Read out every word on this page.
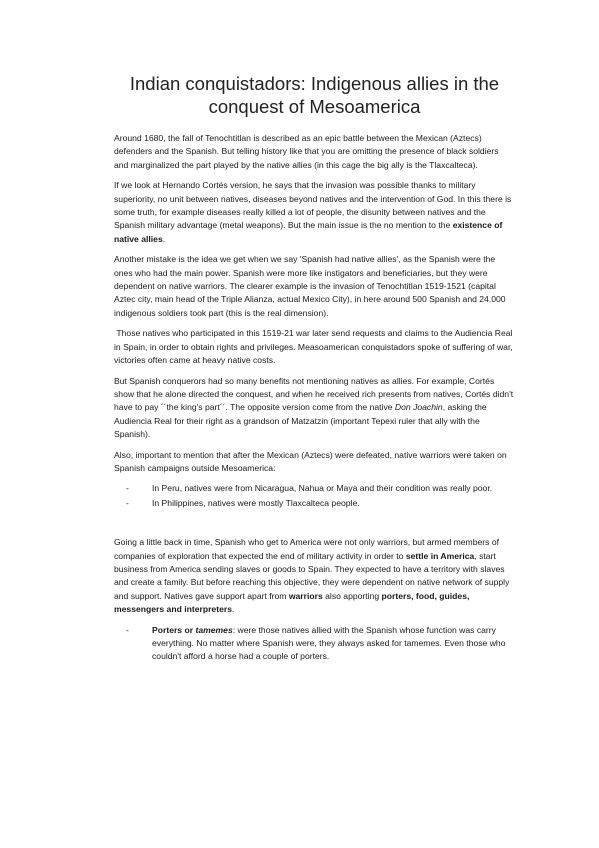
Indian conquistadors: Indigenous allies in the conquest of Mesoamerica

Around 1680, the fall of Tenochtitlan is described as an epic battle between the Mexican (Aztecs) defenders and the Spanish. But telling history like that you are omitting the presence of black soldiers and marginalized the part played by the native allies (in this cage the big ally is the Tlaxcalteca).

If we look at Hernando Cortés version, he says that the invasion was possible thanks to military superiority, no unit between natives, diseases beyond natives and the intervention of God. In this there is some truth, for example diseases really killed a lot of people, the disunity between natives and the Spanish military advantage (metal weapons). But the main issue is the no mention to the existence of native allies.

Another mistake is the idea we get when we say 'Spanish had native allies', as the Spanish were the ones who had the main power. Spanish were more like instigators and beneficiaries, but they were dependent on native warriors. The clearer example is the invasion of Tenochtitlan 1519-1521 (capital Aztec city, main head of the Triple Alianza, actual Mexico City), in here around 500 Spanish and 24.000 indigenous soldiers took part (this is the real dimension).

Those natives who participated in this 1519-21 war later send requests and claims to the Audiencia Real in Spain, in order to obtain rights and privileges. Measoamerican conquistadors spoke of suffering of war, victories often came at heavy native costs.

But Spanish conquerors had so many benefits not mentioning natives as allies. For example, Cortés show that he alone directed the conquest, and when he received rich presents from natives, Cortés didn't have to pay ´´the king's part´´. The opposite version come from the native Don Joachin, asking the Audiencia Real for their right as a grandson of Matzatzin (important Tepexi ruler that ally with the Spanish).

Also, important to mention that after the Mexican (Aztecs) were defeated, native warriors were taken on Spanish campaigns outside Mesoamerica:

- In Peru, natives were from Nicaragua, Nahua or Maya and their condition was really poor.
- In Philippines, natives were mostly Tlaxcalteca people.

Going a little back in time, Spanish who get to America were not only warriors, but armed members of companies of exploration that expected the end of military activity in order to settle in America, start business from America sending slaves or goods to Spain. They expected to have a territory with slaves and create a family. But before reaching this objective, they were dependent on native network of supply and support. Natives gave support apart from warriors also apporting porters, food, guides, messengers and interpreters.

- Porters or tamemes: were those natives allied with the Spanish whose function was carry everything. No matter where Spanish were, they always asked for tamemes. Even those who couldn't afford a horse had a couple of porters.
